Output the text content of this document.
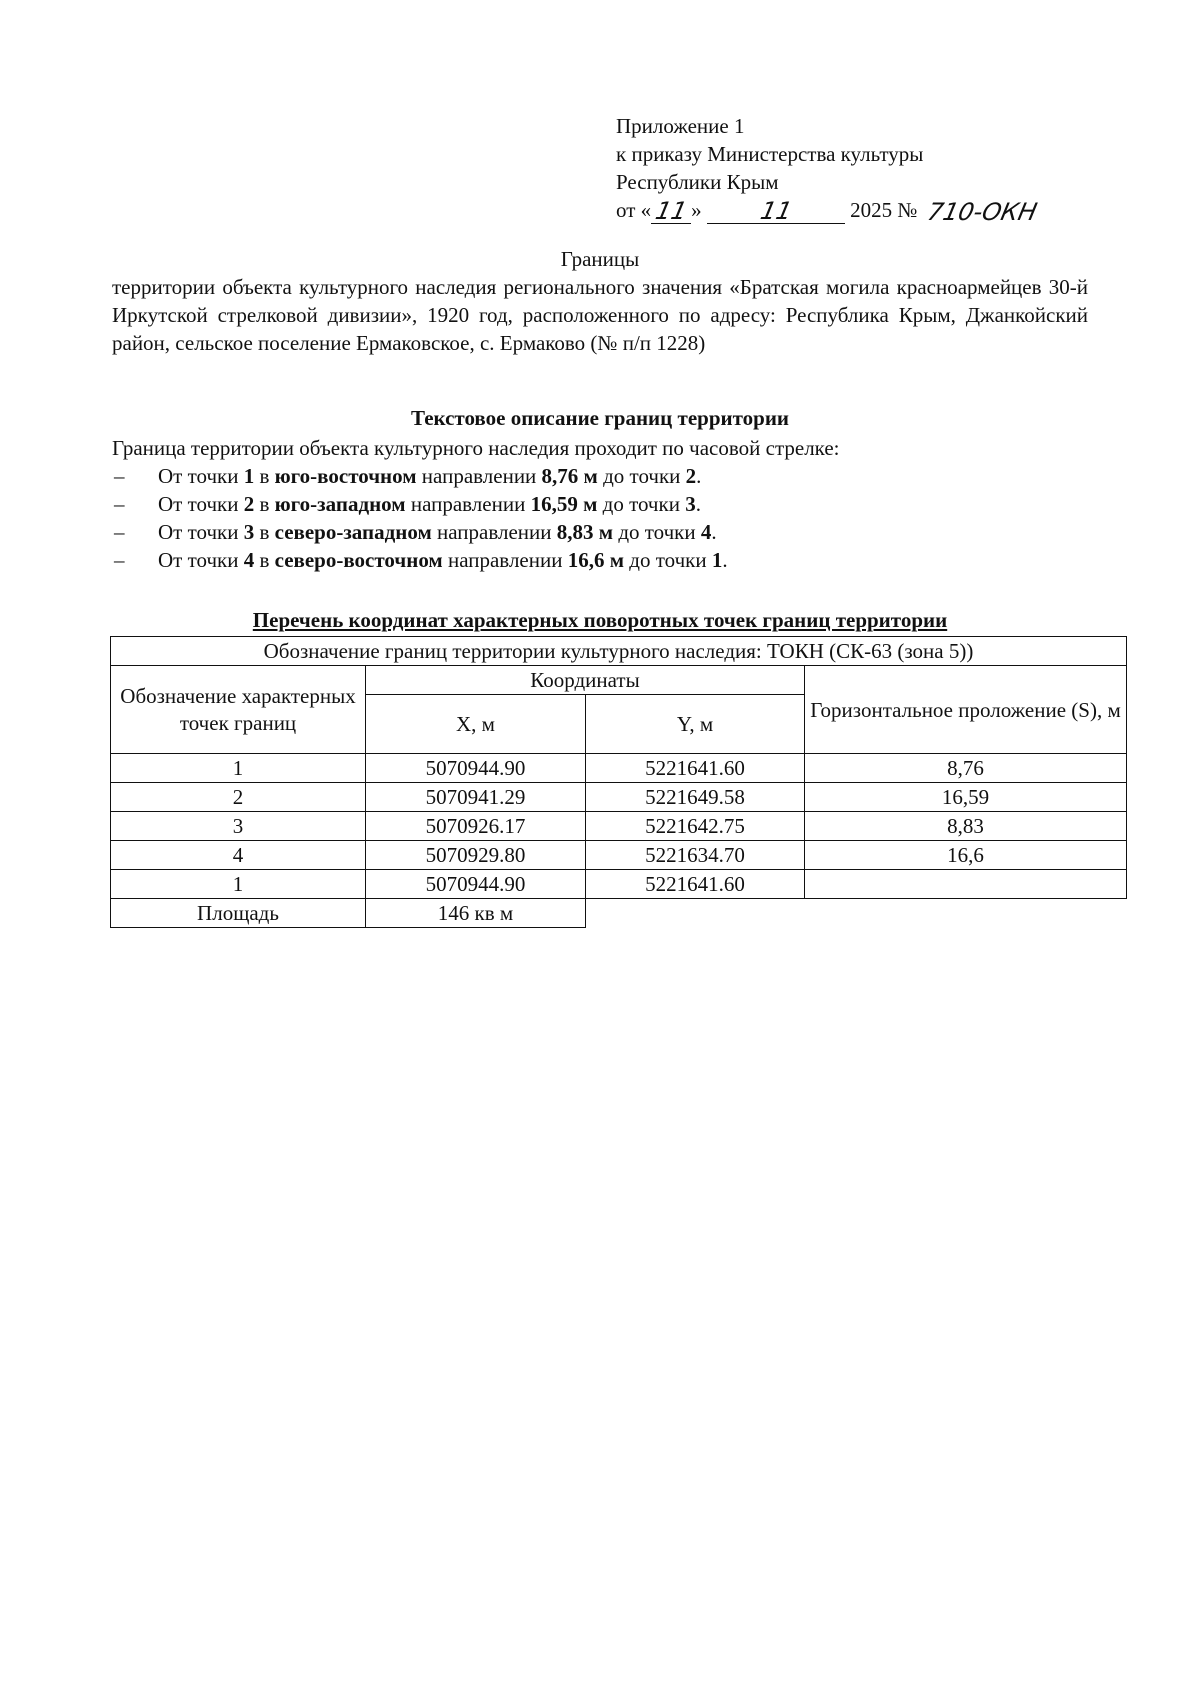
Приложение 1
к приказу Министерства культуры
Республики Крым
от «11» 11	2025 № 710-ОКН
Границы
территории объекта культурного наследия регионального значения «Братская могила красноармейцев 30-й Иркутской стрелковой дивизии», 1920 год, расположенного по адресу: Республика Крым, Джанкойский район, сельское поселение Ермаковское, с. Ермаково (№ п/п 1228)
Текстовое описание границ территории
Граница территории объекта культурного наследия проходит по часовой стрелке:
– От точки 1 в юго-восточном направлении 8,76 м до точки 2.
– От точки 2 в юго-западном направлении 16,59 м до точки 3.
– От точки 3 в северо-западном направлении 8,83 м до точки 4.
– От точки 4 в северо-восточном направлении 16,6 м до точки 1.
Перечень координат характерных поворотных точек границ территории
Обозначение границ территории культурного наследия: ТОКН (СК-63 (зона 5))			
Обозначение характерных точек границ	Координаты		Горизонтальное проложение (S), м
	X, м	Y, м	
1	5070944.90	5221641.60	8,76
2	5070941.29	5221649.58	16,59
3	5070926.17	5221642.75	8,83
4	5070929.80	5221634.70	16,6
1	5070944.90	5221641.60	
Площадь	146 кв м		
